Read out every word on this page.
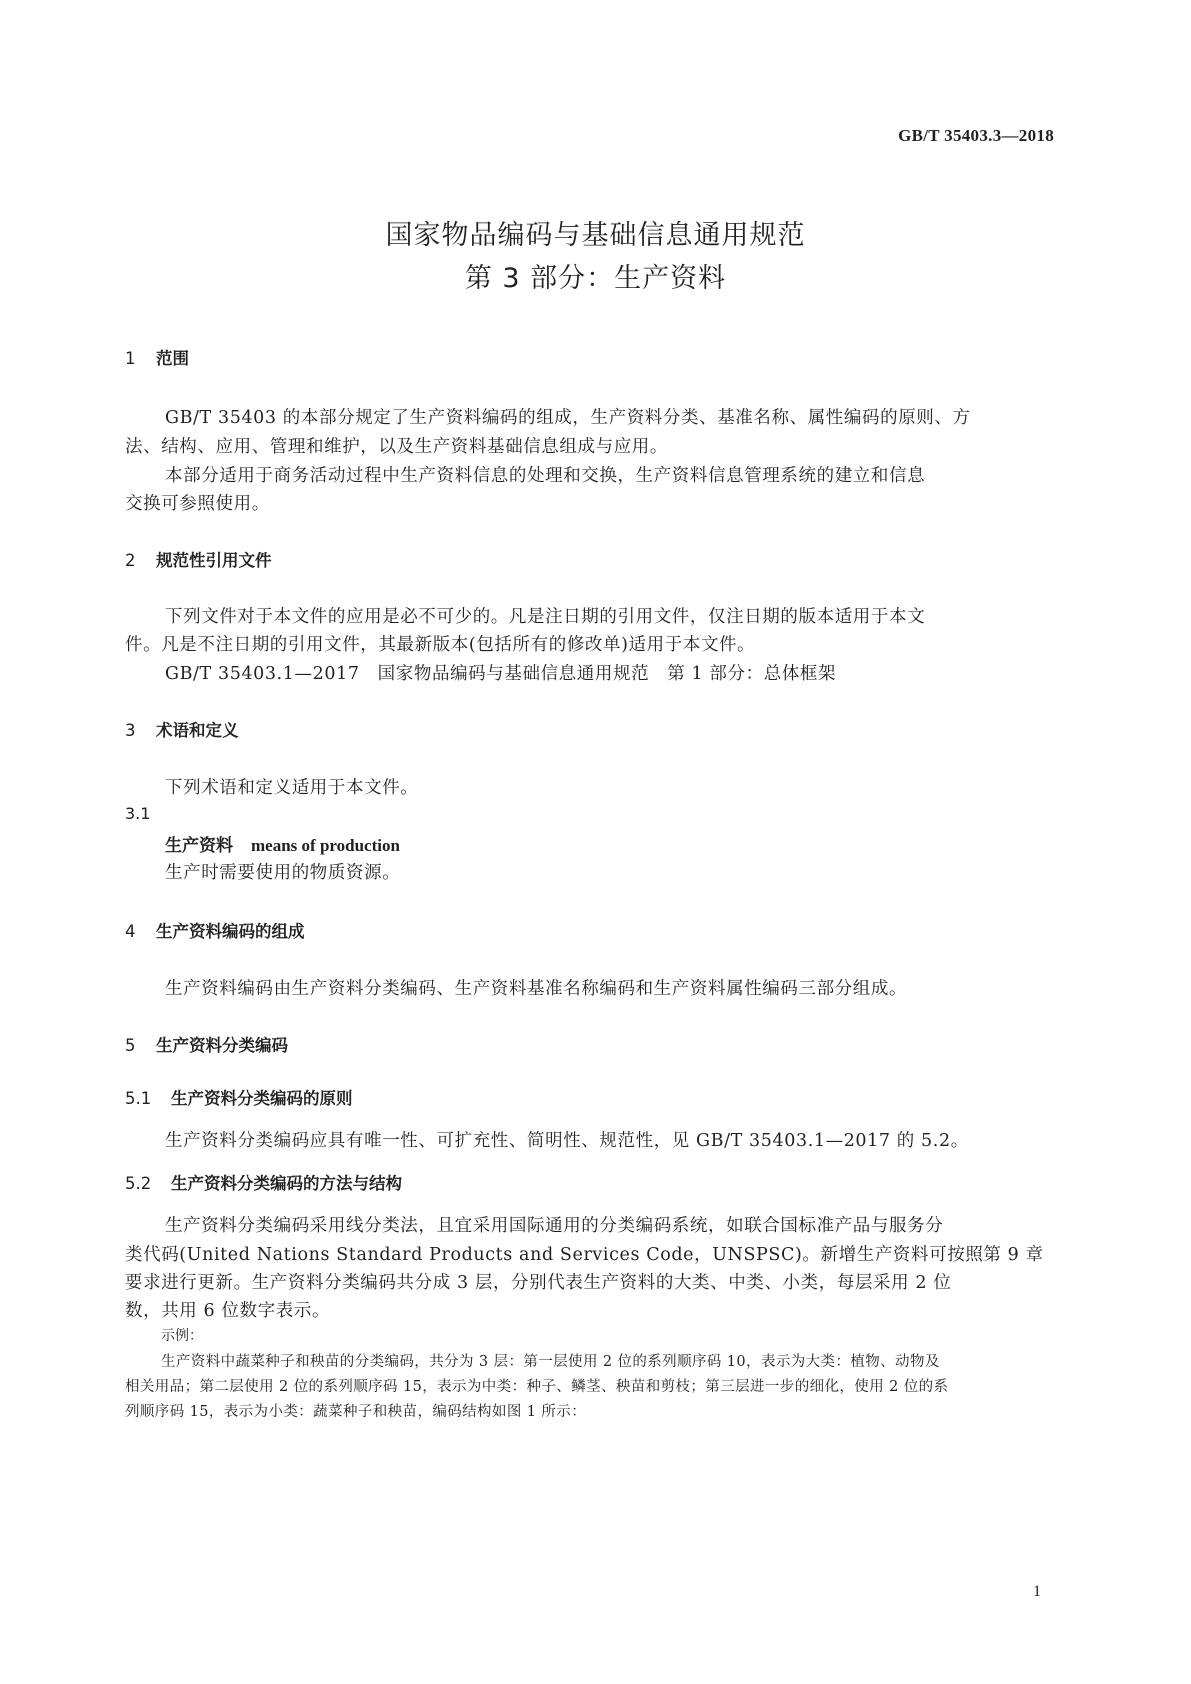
GB/T 35403.3—2018
国家物品编码与基础信息通用规范
第 3 部分：生产资料
1 范围
GB/T 35403 的本部分规定了生产资料编码的组成，生产资料分类、基准名称、属性编码的原则、方
法、结构、应用、管理和维护，以及生产资料基础信息组成与应用。
本部分适用于商务活动过程中生产资料信息的处理和交换，生产资料信息管理系统的建立和信息
交换可参照使用。
2 规范性引用文件
下列文件对于本文件的应用是必不可少的。凡是注日期的引用文件，仅注日期的版本适用于本文
件。凡是不注日期的引用文件，其最新版本(包括所有的修改单)适用于本文件。
GB/T 35403.1—2017　国家物品编码与基础信息通用规范　第 1 部分：总体框架
3 术语和定义
下列术语和定义适用于本文件。
3.1
生产资料 means of production
生产时需要使用的物质资源。
4 生产资料编码的组成
生产资料编码由生产资料分类编码、生产资料基准名称编码和生产资料属性编码三部分组成。
5 生产资料分类编码
5.1 生产资料分类编码的原则
生产资料分类编码应具有唯一性、可扩充性、简明性、规范性，见 GB/T 35403.1—2017 的 5.2。
5.2 生产资料分类编码的方法与结构
生产资料分类编码采用线分类法，且宜采用国际通用的分类编码系统，如联合国标准产品与服务分
类代码(United Nations Standard Products and Services Code，UNSPSC)。新增生产资料可按照第 9 章
要求进行更新。生产资料分类编码共分成 3 层，分别代表生产资料的大类、中类、小类，每层采用 2 位
数，共用 6 位数字表示。
示例：
生产资料中蔬菜种子和秧苗的分类编码，共分为 3 层：第一层使用 2 位的系列顺序码 10，表示为大类：植物、动物及
相关用品；第二层使用 2 位的系列顺序码 15，表示为中类：种子、鳞茎、秧苗和剪枝；第三层进一步的细化，使用 2 位的系
列顺序码 15，表示为小类：蔬菜种子和秧苗，编码结构如图 1 所示：
1
